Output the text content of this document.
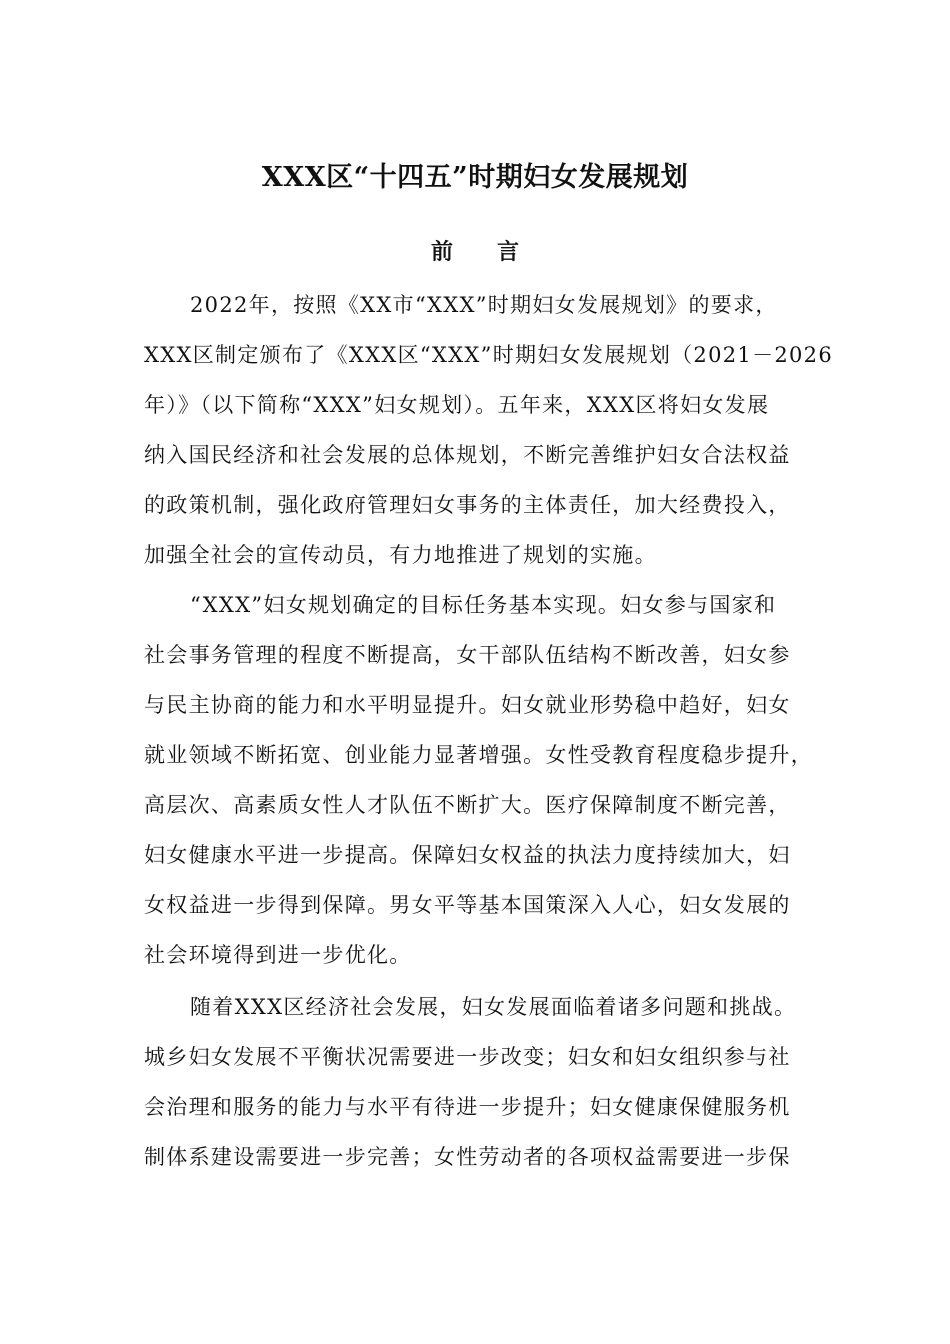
XXX区“十四五”时期妇女发展规划
前 言
2022年，按照《XX市“XXX”时期妇女发展规划》的要求，
XXX区制定颁布了《XXX区“XXX”时期妇女发展规划（2021－2026
年）》（以下简称“XXX”妇女规划）。五年来，XXX区将妇女发展
纳入国民经济和社会发展的总体规划，不断完善维护妇女合法权益
的政策机制，强化政府管理妇女事务的主体责任，加大经费投入，
加强全社会的宣传动员，有力地推进了规划的实施。
“XXX”妇女规划确定的目标任务基本实现。妇女参与国家和
社会事务管理的程度不断提高，女干部队伍结构不断改善，妇女参
与民主协商的能力和水平明显提升。妇女就业形势稳中趋好，妇女
就业领域不断拓宽、创业能力显著增强。女性受教育程度稳步提升，
高层次、高素质女性人才队伍不断扩大。医疗保障制度不断完善，
妇女健康水平进一步提高。保障妇女权益的执法力度持续加大，妇
女权益进一步得到保障。男女平等基本国策深入人心，妇女发展的
社会环境得到进一步优化。
随着XXX区经济社会发展，妇女发展面临着诸多问题和挑战。
城乡妇女发展不平衡状况需要进一步改变；妇女和妇女组织参与社
会治理和服务的能力与水平有待进一步提升；妇女健康保健服务机
制体系建设需要进一步完善；女性劳动者的各项权益需要进一步保
